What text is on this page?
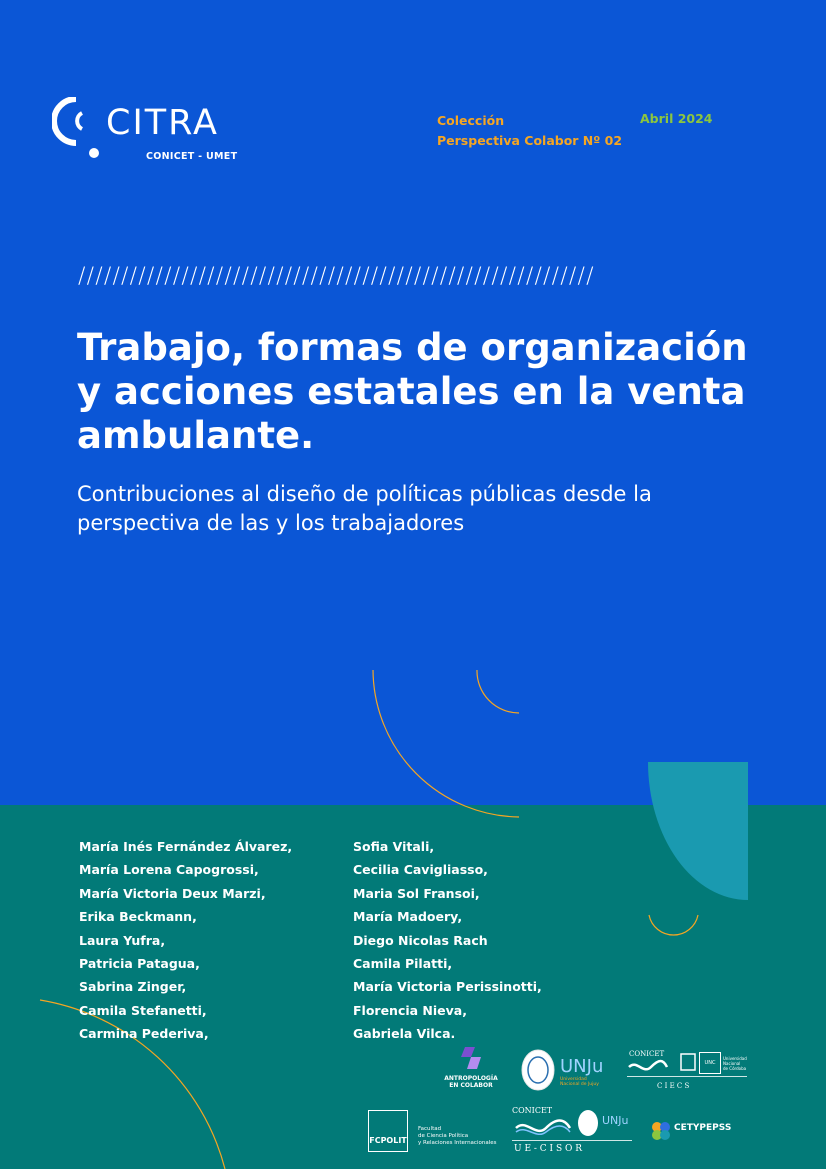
CITRA
CONICET - UMET
Colección
Perspectiva Colabor Nº 02
Abril 2024
////////////////////////////////////////////////////////////
Trabajo, formas de organización y acciones estatales en la venta ambulante.

Contribuciones al diseño de políticas públicas desde la perspectiva de las y los trabajadores

María Inés Fernández Álvarez,
María Lorena Capogrossi,
María Victoria Deux Marzi,
Erika Beckmann,
Laura Yufra,
Patricia Patagua,
Sabrina Zinger,
Camila Stefanetti,
Carmina Pederiva,
Sofia Vitali,
Cecilia Cavigliasso,
Maria Sol Fransoi,
María Madoery,
Diego Nicolas Rach
Camila Pilatti,
María Victoria Perissinotti,
Florencia Nieva,
Gabriela Vilca.
ANTROPOLOGÍA
EN COLABOR
UNJu
Universidad
Nacional de Jujuy
CONICET
C I E C S
UNC
Universidad
Nacional
de Córdoba
FCPOLIT
Facultad
de Ciencia Política
y Relaciones Internacionales
CONICET
UNJu
U E - C I S O R
CETYPEPSS
